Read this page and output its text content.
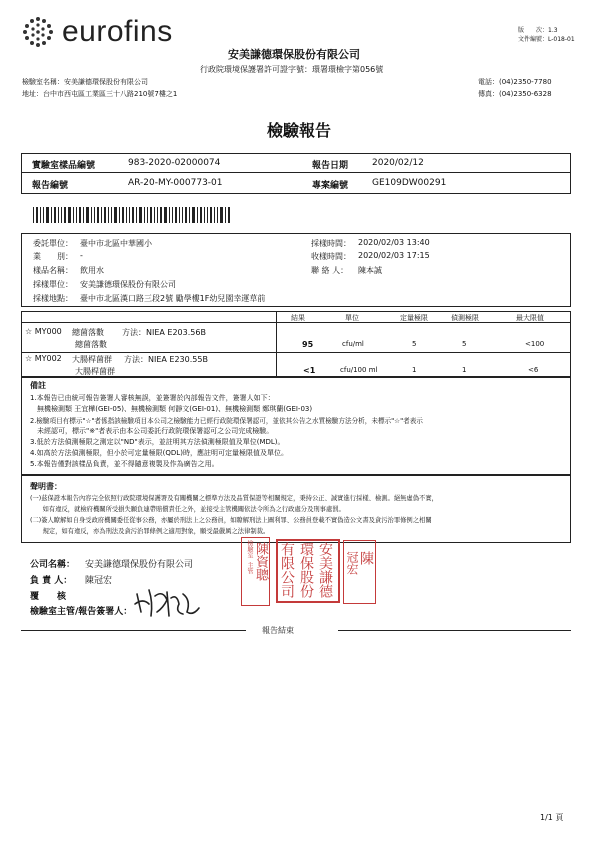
eurofins
安美謙德環保股份有限公司
行政院環境保護署許可證字號：環署環檢字第056號
版　　次：1.3
文件編號：L-018-01
檢驗室名稱：安美謙德環保股份有限公司
地址：台中市西屯區工業區三十八路210號7樓之1
電話：(04)2350-7780
傳真：(04)2350-6328
檢驗報告
實驗室樣品編號	983-2020-02000074	報告日期	2020/02/12
報告編號	AR-20-MY-000773-01	專案編號	GE109DW00291
委託單位： 臺中市北區中華國小
業　　別： -
樣品名稱： 飲用水
採樣單位： 安美謙德環保股份有限公司
採樣地點： 臺中市北區漢口路三段2號 勵學樓1F幼兒園幸運草前
採樣時間： 2020/02/03 13:40
收樣時間： 2020/02/03 17:15
聯 絡 人： 陳本誠
結果	單位	定量極限	偵測極限	最大限值
☆ MY000 總菌落數 方法：NIEA E203.56B
總菌落數	95	cfu/ml	5	5	<100
☆ MY002 大腸桿菌群 方法：NIEA E230.55B
大腸桿菌群	<1	cfu/100 ml	1	1	<6
備註
1.本報告已由統可報告簽署人審核無誤，並簽署於內部報告文件，簽署人如下：
　無機檢測類 王宜樺(GEI-05)、無機檢測類 何靜文(GEI-01)、無機檢測類 鄭琪蘭(GEI-03)
2.檢驗項目有標示"☆"者係指該檢驗項目本公司之檢驗能力已經行政院環保署認可，並依其公告之水質檢驗方法分析，未標示"☆"者表示
　未經認可，標示"※"者表示由本公司委託行政院環保署認可之公司完成檢驗。
3.低於方法偵測極限之測定以"ND"表示，並註明其方法偵測極限值及單位(MDL)。
4.如高於方法偵測極限，但小於可定量極限(QDL)時，應註明可定量極限值及單位。
5.本報告僅對該樣品負責，並不得隨意複製及作為廣告之用。
聲明書：
(一)茲保證本報告內容完全依照行政院環境保護署及有關機關之標準方法及品質保證等相關規定，秉持公正、誠實進行採樣、檢測。絕無虛偽不實，
　　如有違反，就檢府機關所受損失願負連帶賠償責任之外，並接受主管機關依法令所為之行政處分及刑事處罰。
(二)簽人瞭解如自身受政府機關委任從事公務，亦屬於刑法上之公務員，如瞭解刑法上圖利罪、公務員登載不實偽造公文書及貪污治罪條例之相關
　　規定，如有違反，亦為刑法及貪污治罪條例之適用對象，願受最嚴厲之法律制裁。
公司名稱： 安美謙德環保股份有限公司
負 責 人： 陳冠宏
覆　　核
檢驗室主管/報告簽署人：
檢驗室
主管 陳資聰 有限公司 環保股份 安美謙德 陳
冠宏
報告結束
1/1 頁
